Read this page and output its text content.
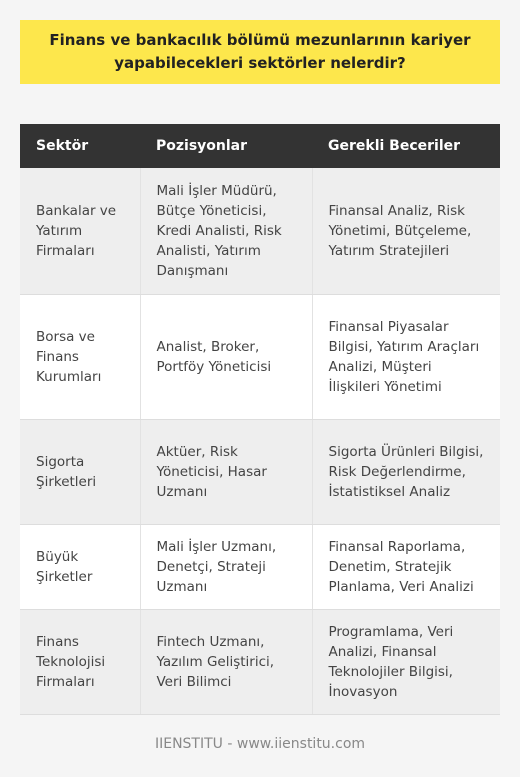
Finans ve bankacılık bölümü mezunlarının kariyer yapabilecekleri sektörler nelerdir?
Sektör	Pozisyonlar	Gerekli Beceriler
Bankalar ve Yatırım Firmaları	Mali İşler Müdürü, Bütçe Yöneticisi, Kredi Analisti, Risk Analisti, Yatırım Danışmanı	Finansal Analiz, Risk Yönetimi, Bütçeleme, Yatırım Stratejileri
Borsa ve Finans Kurumları	Analist, Broker, Portföy Yöneticisi	Finansal Piyasalar Bilgisi, Yatırım Araçları Analizi, Müşteri İlişkileri Yönetimi
Sigorta Şirketleri	Aktüer, Risk Yöneticisi, Hasar Uzmanı	Sigorta Ürünleri Bilgisi, Risk Değerlendirme, İstatistiksel Analiz
Büyük Şirketler	Mali İşler Uzmanı, Denetçi, Strateji Uzmanı	Finansal Raporlama, Denetim, Stratejik Planlama, Veri Analizi
Finans Teknolojisi Firmaları	Fintech Uzmanı, Yazılım Geliştirici, Veri Bilimci	Programlama, Veri Analizi, Finansal Teknolojiler Bilgisi, İnovasyon
IIENSTITU - www.iienstitu.com
